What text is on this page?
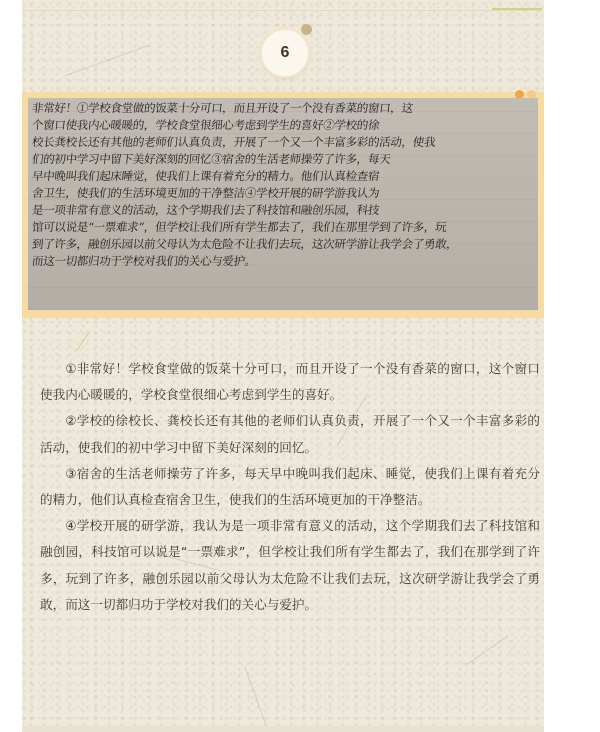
6
非常好！①学校食堂做的饭菜十分可口，而且开设了一个没有香菜的窗口，这
个窗口使我内心暖暖的，学校食堂很细心考虑到学生的喜好②学校的徐
校长龚校长还有其他的老师们认真负责，开展了一个又一个丰富多彩的活动，使我
们的初中学习中留下美好深刻的回忆③宿舍的生活老师操劳了许多，每天
早中晚叫我们起床睡觉，使我们上课有着充分的精力。他们认真检查宿
舍卫生，使我们的生活环境更加的干净整洁④学校开展的研学游我认为
是一项非常有意义的活动，这个学期我们去了科技馆和融创乐园，科技
馆可以说是“一票难求”，但学校让我们所有学生都去了，我们在那里学到了许多，玩
到了许多，融创乐园以前父母认为太危险不让我们去玩，这次研学游让我学会了勇敢，
而这一切都归功于学校对我们的关心与爱护。

①非常好！学校食堂做的饭菜十分可口，而且开设了一个没有香菜的窗口，这个窗口使我内心暖暖的，学校食堂很细心考虑到学生的喜好。

②学校的徐校长、龚校长还有其他的老师们认真负责，开展了一个又一个丰富多彩的活动，使我们的初中学习中留下美好深刻的回忆。

③宿舍的生活老师操劳了许多，每天早中晚叫我们起床、睡觉，使我们上课有着充分的精力，他们认真检查宿舍卫生，使我们的生活环境更加的干净整洁。

④学校开展的研学游，我认为是一项非常有意义的活动，这个学期我们去了科技馆和融创园，科技馆可以说是“一票难求”，但学校让我们所有学生都去了，我们在那学到了许多，玩到了许多，融创乐园以前父母认为太危险不让我们去玩，这次研学游让我学会了勇敢，而这一切都归功于学校对我们的关心与爱护。
